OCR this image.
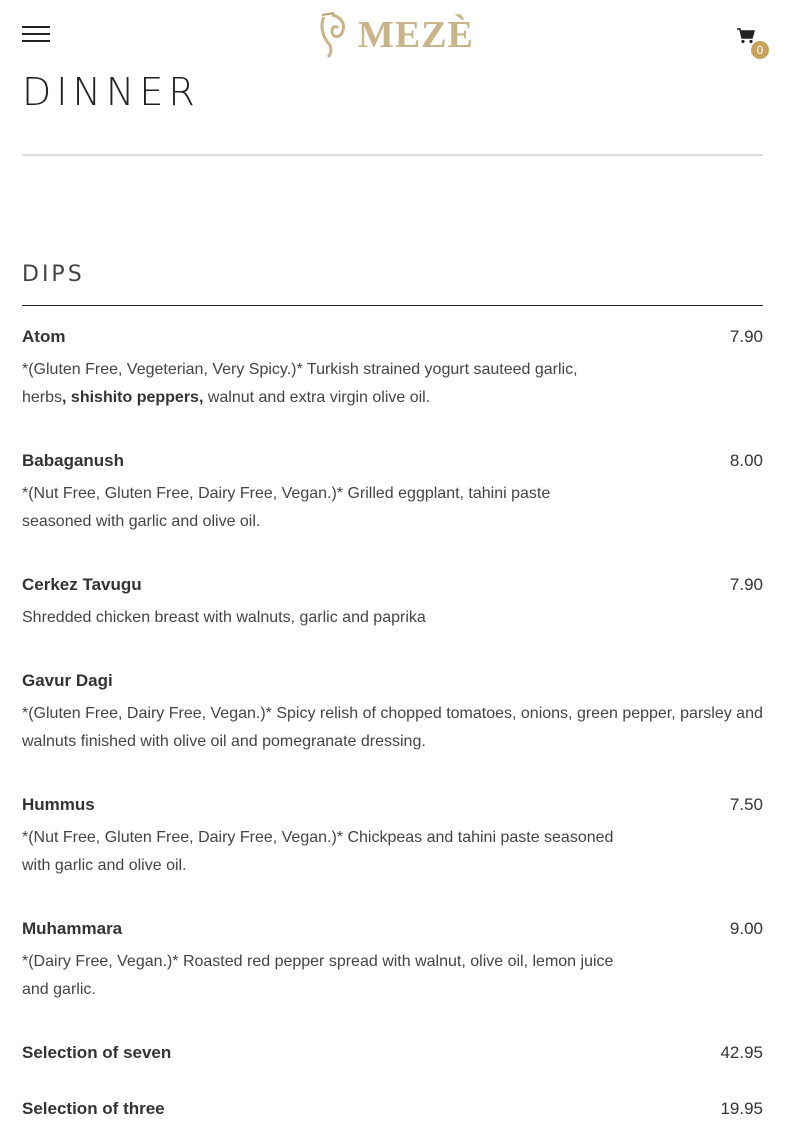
MEZÈ	0
DINNER
DIPS
Atom	7.90

*(Gluten Free, Vegeterian, Very Spicy.)* Turkish strained yogurt sauteed garlic, herbs, shishito peppers, walnut and extra virgin olive oil.

Babaganush	8.00

*(Nut Free, Gluten Free, Dairy Free, Vegan.)* Grilled eggplant, tahini paste seasoned with garlic and olive oil.

Cerkez Tavugu	7.90

Shredded chicken breast with walnuts, garlic and paprika

Gavur Dagi

*(Gluten Free, Dairy Free, Vegan.)* Spicy relish of chopped tomatoes, onions, green pepper, parsley and walnuts finished with olive oil and pomegranate dressing.

Hummus	7.50

*(Nut Free, Gluten Free, Dairy Free, Vegan.)* Chickpeas and tahini paste seasoned with garlic and olive oil.

Muhammara	9.00

*(Dairy Free, Vegan.)* Roasted red pepper spread with walnut, olive oil, lemon juice and garlic.

Selection of seven	42.95
Selection of three	19.95
